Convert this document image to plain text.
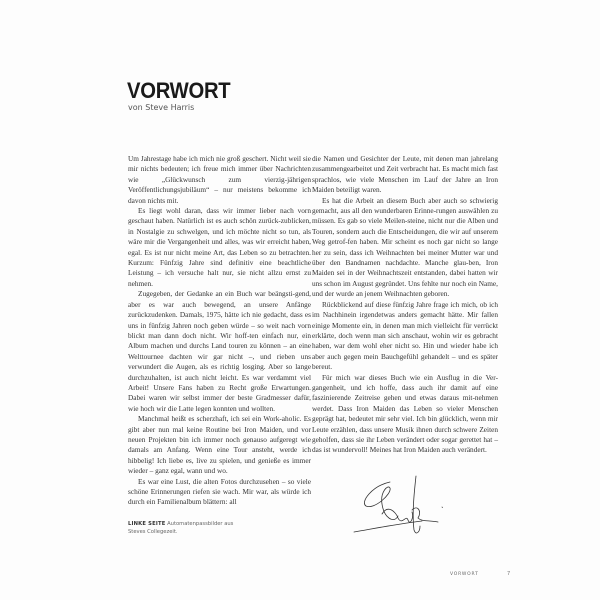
VORWORT
von Steve Harris

Um Jahrestage habe ich mich nie groß geschert. Nicht weil sie mir nichts bedeuten; ich freue mich immer über Nachrichten wie „Glückwunsch zum vierzig-jährigen Veröffentlichungsjubiläum“ – nur meistens bekomme ich davon nichts mit.

Es liegt wohl daran, dass wir immer lieber nach vorn geschaut haben. Natürlich ist es auch schön zurück-zublicken, in Nostalgie zu schwelgen, und ich möchte nicht so tun, als wäre mir die Vergangenheit und alles, was wir erreicht haben, egal. Es ist nur nicht meine Art, das Leben so zu betrachten. Kurzum: Fünfzig Jahre sind definitiv eine beachtliche Leistung – ich versuche halt nur, sie nicht allzu ernst zu nehmen.

Zugegeben, der Gedanke an ein Buch war beängsti-gend, aber es war auch bewegend, an unsere Anfänge zurückzudenken. Damals, 1975, hätte ich nie gedacht, dass es uns in fünfzig Jahren noch geben würde – so weit nach vorn blickt man dann doch nicht. Wir hoff-ten einfach nur, ein Album machen und durchs Land touren zu können – an eine Welttournee dachten wir gar nicht –, und rieben uns verwundert die Augen, als es richtig losging. Aber so lange durchzuhalten, ist auch nicht leicht. Es war verdammt viel Arbeit! Unsere Fans haben zu Recht große Erwartungen. Dabei waren wir selbst immer der beste Gradmesser dafür, wie hoch wir die Latte legen konnten und wollten.

Manchmal heißt es scherzhaft, ich sei ein Work-aholic. Es gibt aber nun mal keine Routine bei Iron Maiden, und vor neuen Projekten bin ich immer noch genauso aufgeregt wie damals am Anfang. Wenn eine Tour ansteht, werde ich hibbelig! Ich liebe es, live zu spielen, und genieße es immer wieder – ganz egal, wann und wo.

Es war eine Lust, die alten Fotos durchzusehen – so viele schöne Erinnerungen riefen sie wach. Mir war, als würde ich durch ein Familienalbum blättern: all

die Namen und Gesichter der Leute, mit denen man jahrelang zusammengearbeitet und Zeit verbracht hat. Es macht mich fast sprachlos, wie viele Menschen im Lauf der Jahre an Iron Maiden beteiligt waren.

Es hat die Arbeit an diesem Buch aber auch so schwierig gemacht, aus all den wunderbaren Erinne-rungen auswählen zu müssen. Es gab so viele Meilen-steine, nicht nur die Alben und Touren, sondern auch die Entscheidungen, die wir auf unserem Weg getrof-fen haben. Mir scheint es noch gar nicht so lange her zu sein, dass ich Weihnachten bei meiner Mutter war und über den Bandnamen nachdachte. Manche glau-ben, Iron Maiden sei in der Weihnachtszeit entstanden, dabei hatten wir uns schon im August gegründet. Uns fehlte nur noch ein Name, und der wurde an jenem Weihnachten geboren.

Rückblickend auf diese fünfzig Jahre frage ich mich, ob ich im Nachhinein irgendetwas anders gemacht hätte. Mir fallen einige Momente ein, in denen man mich vielleicht für verrückt erklärte, doch wenn man sich anschaut, wohin wir es gebracht haben, war dem wohl eher nicht so. Hin und wieder habe ich aber auch gegen mein Bauchgefühl gehandelt – und es später bereut.

Für mich war dieses Buch wie ein Ausflug in die Ver-gangenheit, und ich hoffe, dass auch ihr damit auf eine faszinierende Zeitreise gehen und etwas daraus mit-nehmen werdet. Dass Iron Maiden das Leben so vieler Menschen geprägt hat, bedeutet mir sehr viel. Ich bin glücklich, wenn mir Leute erzählen, dass unsere Musik ihnen durch schwere Zeiten geholfen, dass sie ihr Leben verändert oder sogar gerettet hat – das ist wundervoll! Meines hat Iron Maiden auch verändert.

LINKE SEITE Automatenpassbilder aus Steves Collegezeit.
VORWORT	7
